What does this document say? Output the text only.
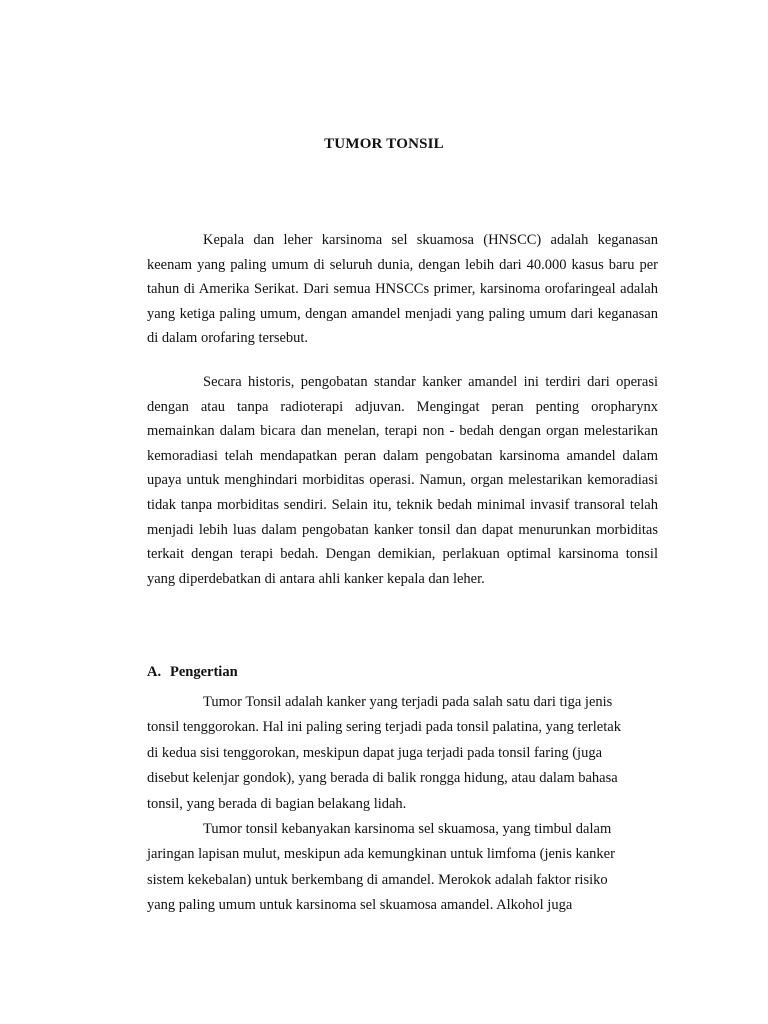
TUMOR TONSIL

Kepala dan leher karsinoma sel skuamosa (HNSCC) adalah keganasan keenam yang paling umum di seluruh dunia, dengan lebih dari 40.000 kasus baru per tahun di Amerika Serikat. Dari semua HNSCCs primer, karsinoma orofaringeal adalah yang ketiga paling umum, dengan amandel menjadi yang paling umum dari keganasan di dalam orofaring tersebut.

Secara historis, pengobatan standar kanker amandel ini terdiri dari operasi dengan atau tanpa radioterapi adjuvan. Mengingat peran penting oropharynx memainkan dalam bicara dan menelan, terapi non - bedah dengan organ melestarikan kemoradiasi telah mendapatkan peran dalam pengobatan karsinoma amandel dalam upaya untuk menghindari morbiditas operasi. Namun, organ melestarikan kemoradiasi tidak tanpa morbiditas sendiri. Selain itu, teknik bedah minimal invasif transoral telah menjadi lebih luas dalam pengobatan kanker tonsil dan dapat menurunkan morbiditas terkait dengan terapi bedah. Dengan demikian, perlakuan optimal karsinoma tonsil yang diperdebatkan di antara ahli kanker kepala dan leher.

A. Pengertian

Tumor Tonsil adalah kanker yang terjadi pada salah satu dari tiga jenis
tonsil tenggorokan. Hal ini paling sering terjadi pada tonsil palatina, yang terletak
di kedua sisi tenggorokan, meskipun dapat juga terjadi pada tonsil faring (juga
disebut kelenjar gondok), yang berada di balik rongga hidung, atau dalam bahasa
tonsil, yang berada di bagian belakang lidah.

Tumor tonsil kebanyakan karsinoma sel skuamosa, yang timbul dalam
jaringan lapisan mulut, meskipun ada kemungkinan untuk limfoma (jenis kanker
sistem kekebalan) untuk berkembang di amandel. Merokok adalah faktor risiko
yang paling umum untuk karsinoma sel skuamosa amandel. Alkohol juga
